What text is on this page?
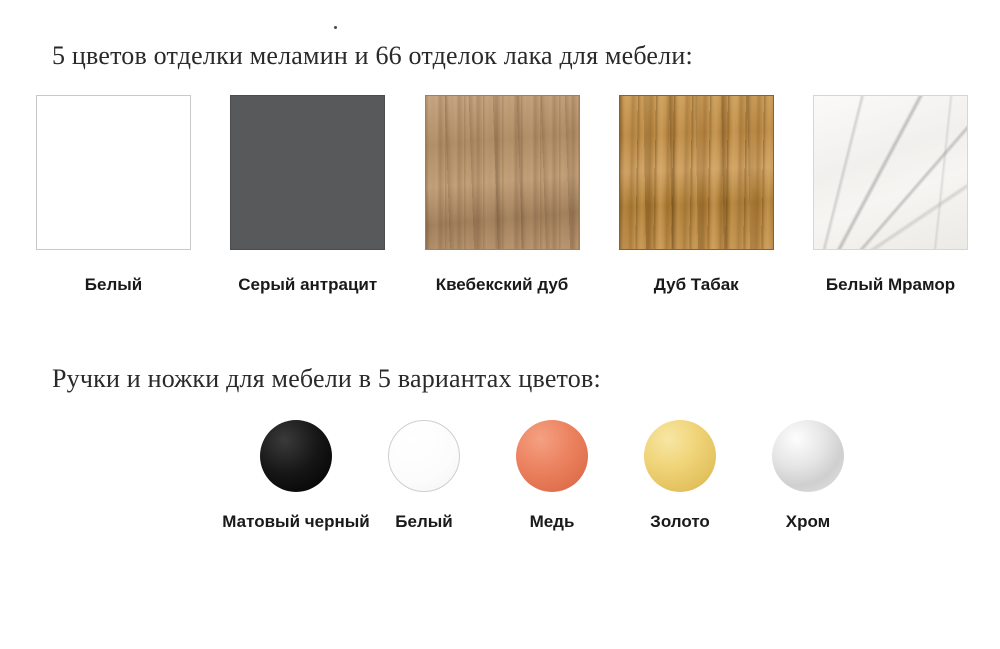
5 цветов отделки меламин и 66 отделок лака для мебели:
Белый	Серый антрацит	Квебекский дуб	Дуб Табак	Белый Мрамор
Ручки и ножки для мебели в 5 вариантах цветов:
Матовый черный Белый	Медь	Золото	Хром
